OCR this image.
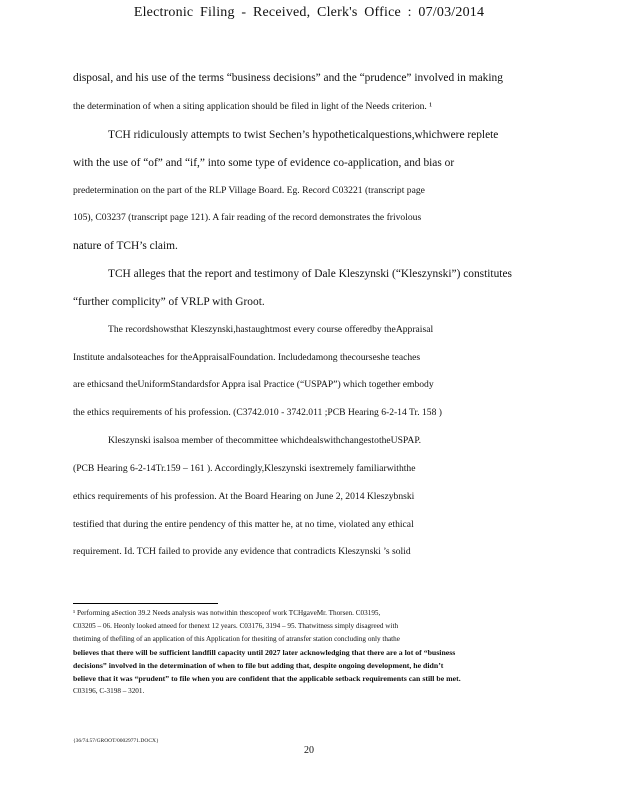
Electronic Filing - Received, Clerk's Office : 07/03/2014
disposal, and his use of the terms “business decisions” and the “prudence” involved in making
the determination of when a siting application should be filed in light of the Needs criterion. ¹
TCH ridiculously attempts to twist Sechen’s hypotheticalquestions,whichwere replete
with the use of “of” and “if,” into some type of evidence co-application, and bias or
predetermination on the part of the RLP Village Board. Eg. Record C03221 (transcript page
105), C03237 (transcript page 121). A fair reading of the record demonstrates the frivolous
nature of TCH’s claim.
TCH alleges that the report and testimony of Dale Kleszynski (“Kleszynski”) constitutes
“further complicity” of VRLP with Groot.
The recordshowsthat Kleszynski,hastaughtmost every course offeredby theAppraisal
Institute andalsoteaches for theAppraisalFoundation. Includedamong thecourseshe teaches
are ethicsand theUniformStandardsfor Appra isal Practice (“USPAP”) which together embody
the ethics requirements of his profession. (C3742.010 - 3742.011 ;PCB Hearing 6-2-14 Tr. 158 )
Kleszynski isalsoa member of thecommittee whichdealswithchangestotheUSPAP.
(PCB Hearing 6-2-14Tr.159 – 161 ). Accordingly,Kleszynski isextremely familiarwiththe
ethics requirements of his profession. At the Board Hearing on June 2, 2014 Kleszybnski
testified that during the entire pendency of this matter he, at no time, violated any ethical
requirement. Id. TCH failed to provide any evidence that contradicts Kleszynski ’s solid
¹ Performing aSection 39.2 Needs analysis was notwithin thescopeof work TCHgaveMr. Thorsen. C03195,
C03205 – 06. Heonly looked atneed for thenext 12 years. C03176, 3194 – 95. Thatwitness simply disagreed with
thetiming of thefiling of an application of this Application for thesiting of atransfer station concluding only thathe
believes that there will be sufficient landfill capacity until 2027 later acknowledging that there are a lot of “business
decisions” involved in the determination of when to file but adding that, despite ongoing development, he didn’t
believe that it was “prudent” to file when you are confident that the applicable setback requirements can still be met.
C03196, C-3198 – 3201.
{36/74.57/GROOT/00029771.DOCX}
20
